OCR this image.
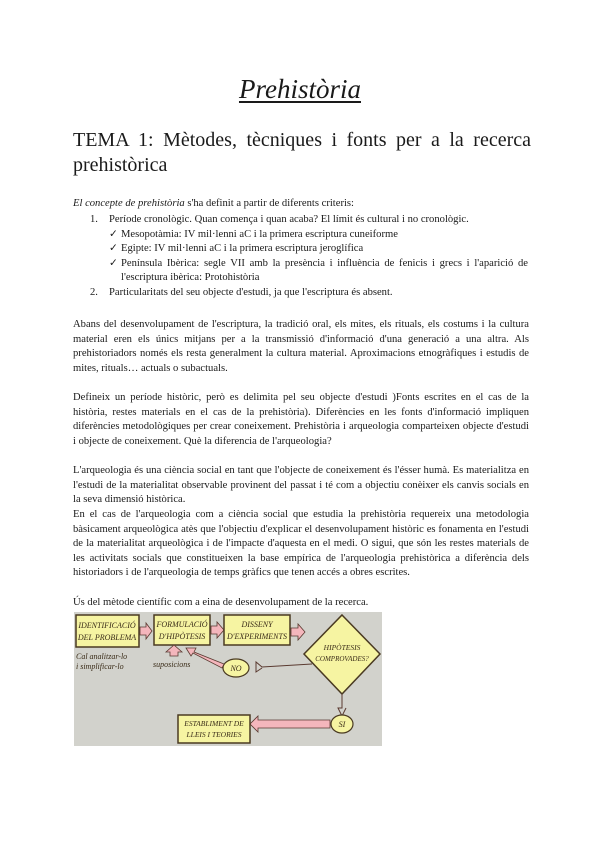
Prehistòria
TEMA 1: Mètodes, tècniques i fonts per a la recerca prehistòrica
El concepte de prehistòria s'ha definit a partir de diferents criteris:
1. Període cronològic. Quan comença i quan acaba? El límit és cultural i no cronològic.
✓ Mesopotàmia: IV mil·lenni aC i la primera escriptura cuneiforme
✓ Egipte: IV mil·lenni aC i la primera escriptura jeroglífica
✓ Península Ibèrica: segle VII amb la presència i influència de fenicis i grecs i l'aparició de l'escriptura ibèrica: Protohistòria
2. Particularitats del seu objecte d'estudi, ja que l'escriptura és absent.
Abans del desenvolupament de l'escriptura, la tradició oral, els mites, els rituals, els costums i la cultura material eren els únics mitjans per a la transmissió d'informació d'una generació a una altra. Als prehistoriadors només els resta generalment la cultura material. Aproximacions etnogràfiques i estudis de mites, rituals… actuals o subactuals.
Defineix un període històric, però es delimita pel seu objecte d'estudi )Fonts escrites en el cas de la història, restes materials en el cas de la prehistòria). Diferències en les fonts d'informació impliquen diferències metodològiques per crear coneixement. Prehistòria i arqueologia comparteixen objecte d'estudi i objecte de coneixement. Què la diferencia de l'arqueologia?
L'arqueologia és una ciència social en tant que l'objecte de coneixement és l'ésser humà. Es materialitza en l'estudi de la materialitat observable provinent del passat i té com a objectiu conèixer els canvis socials en la seva dimensió històrica.
En el cas de l'arqueologia com a ciència social que estudia la prehistòria requereix una metodologia bàsicament arqueològica atès que l'objectiu d'explicar el desenvolupament històric es fonamenta en l'estudi de la materialitat arqueològica i de l'impacte d'aquesta en el medi. O sigui, que són les restes materials de les activitats socials que constitueixen la base empírica de l'arqueologia prehistòrica a diferència dels historiadors i de l'arqueologia de temps gràfics que tenen accés a obres escrites.
Ús del mètode científic com a eina de desenvolupament de la recerca.
IDENTIFICACIÓ
DEL PROBLEMA
FORMULACIÓ
D'HIPÒTESIS
DISSENY
D'EXPERIMENTS
HIPÒTESIS
COMPROVADES?
NO
Cal analitzar-lo
i simplificar-lo	suposicions
SI
ESTABLIMENT DE
LLEIS I TEORIES
